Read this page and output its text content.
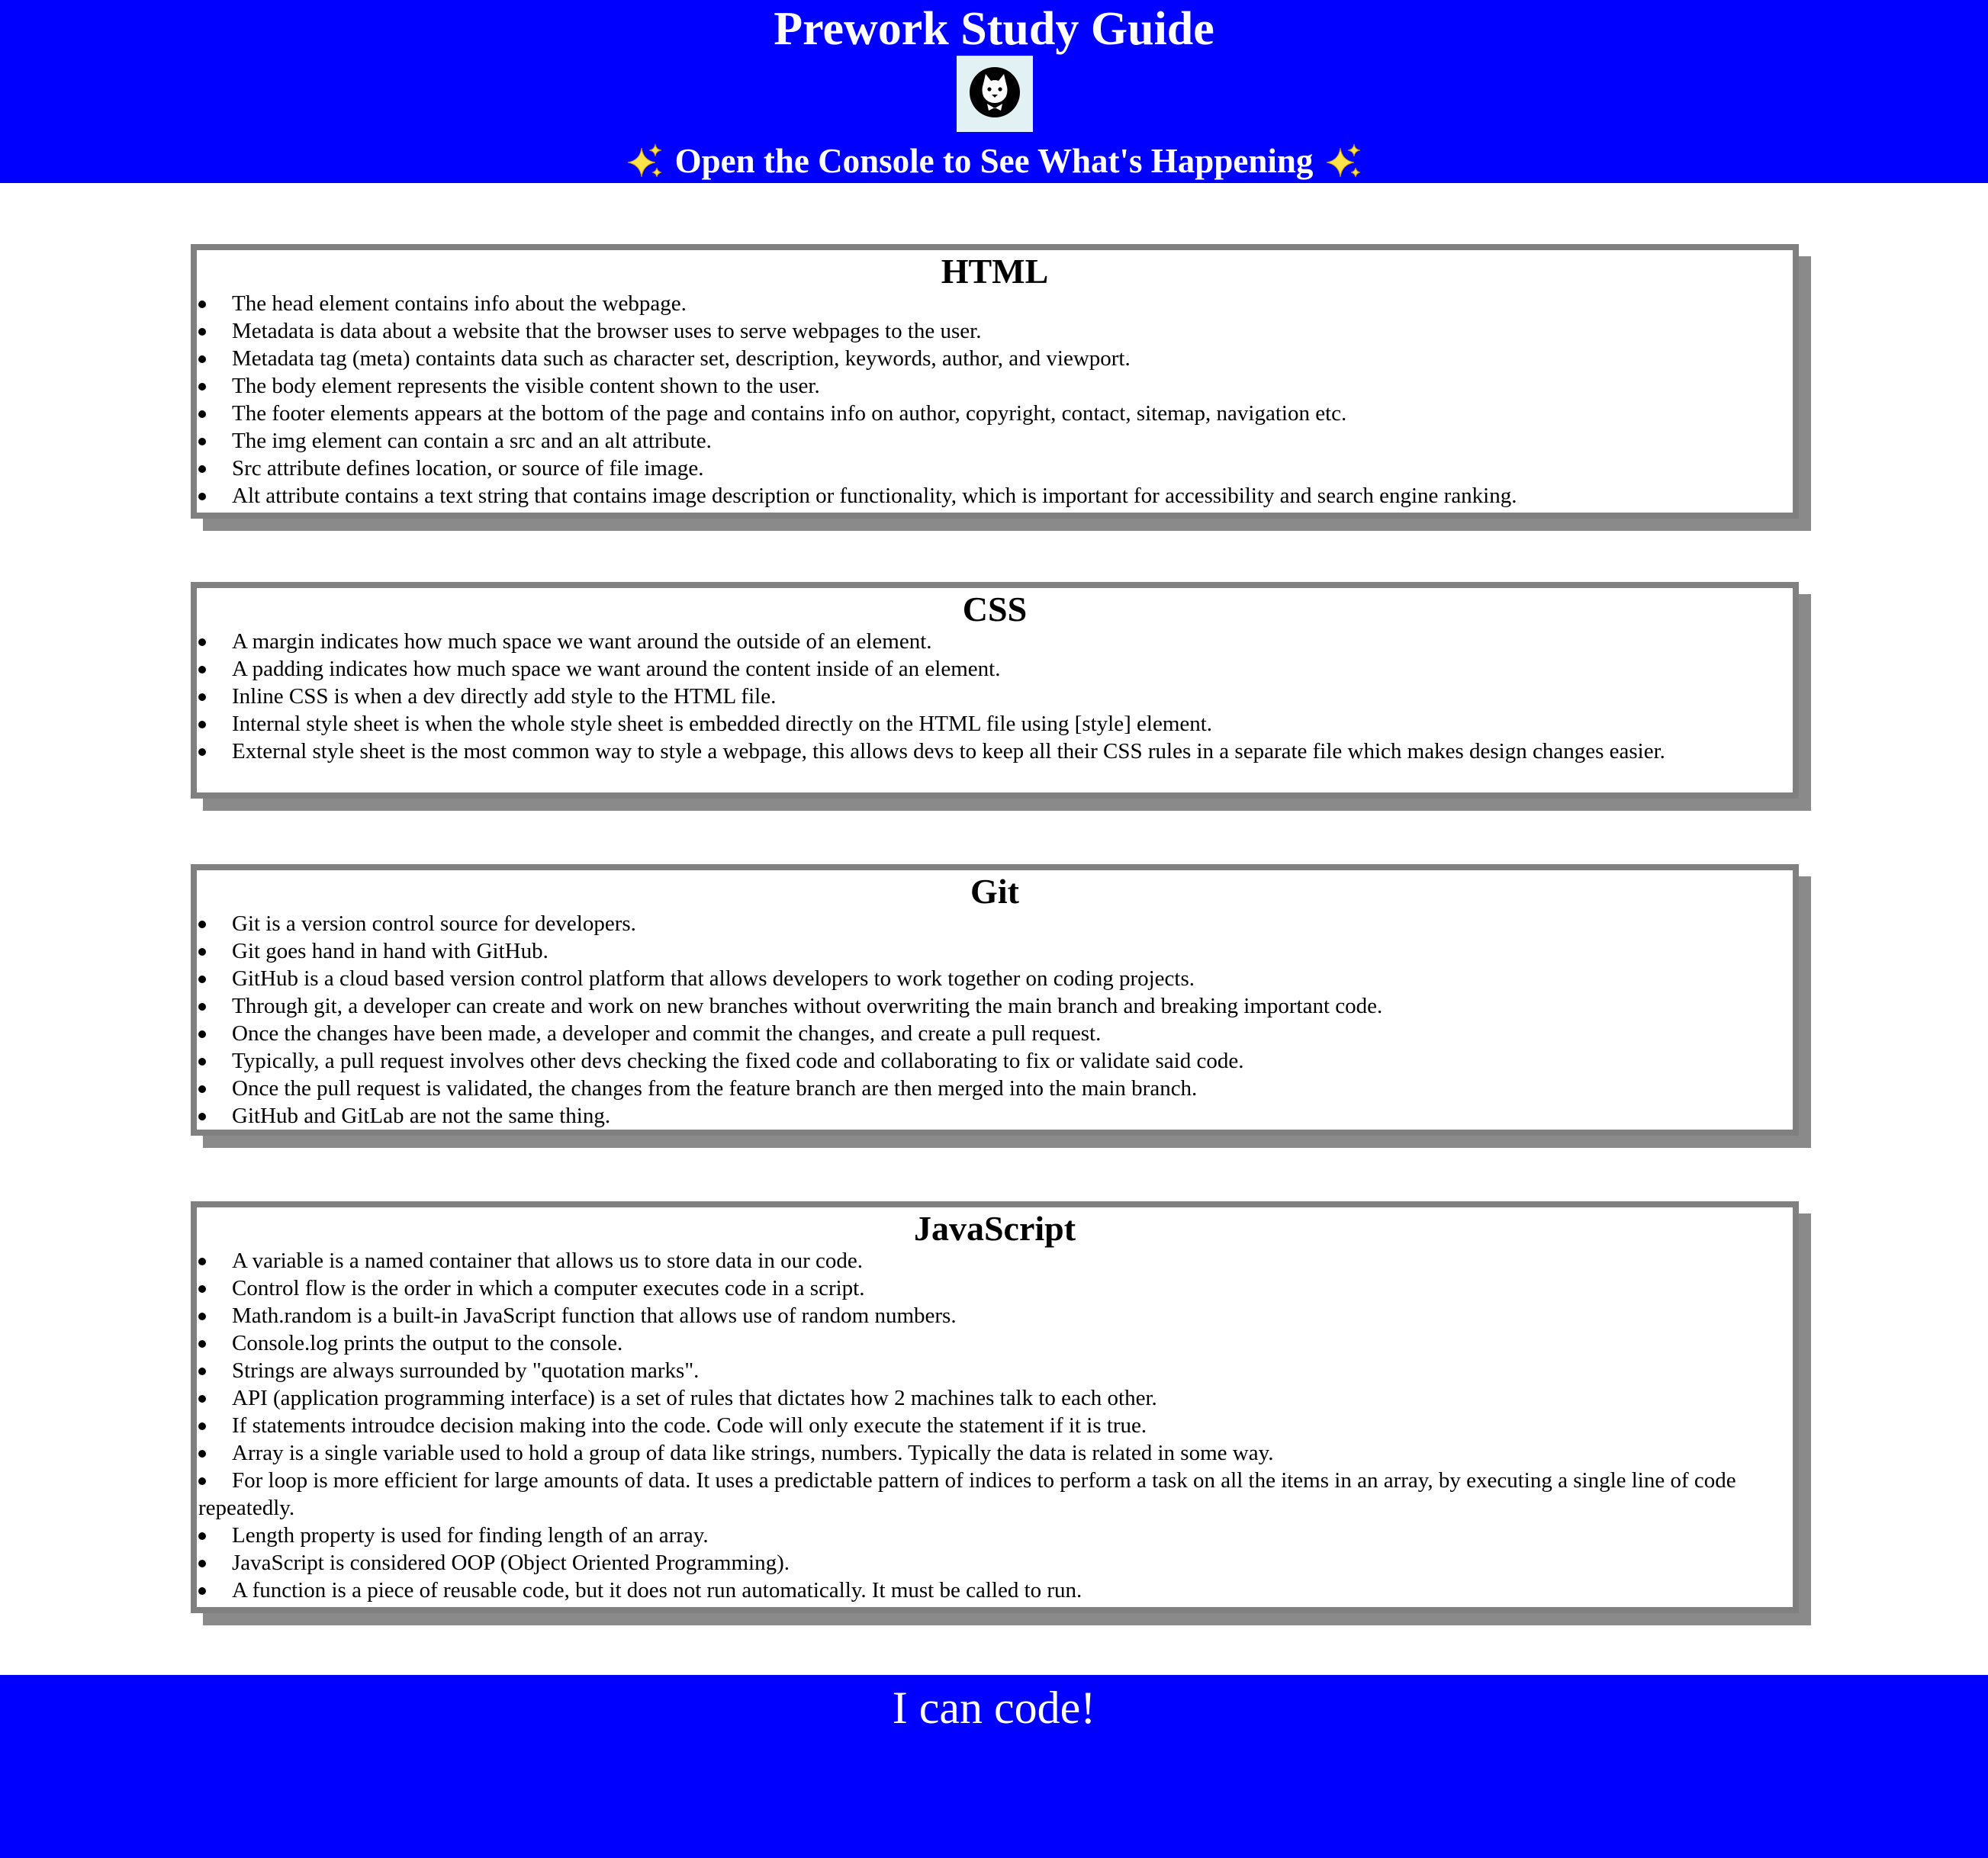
Prework Study Guide
Open the Console to See What's Happening
HTML
The head element contains info about the webpage.
Metadata is data about a website that the browser uses to serve webpages to the user.
Metadata tag (meta) containts data such as character set, description, keywords, author, and viewport.
The body element represents the visible content shown to the user.
The footer elements appears at the bottom of the page and contains info on author, copyright, contact, sitemap, navigation etc.
The img element can contain a src and an alt attribute.
Src attribute defines location, or source of file image.
Alt attribute contains a text string that contains image description or functionality, which is important for accessibility and search engine ranking.
CSS
A margin indicates how much space we want around the outside of an element.
A padding indicates how much space we want around the content inside of an element.
Inline CSS is when a dev directly add style to the HTML file.
Internal style sheet is when the whole style sheet is embedded directly on the HTML file using [style] element.
External style sheet is the most common way to style a webpage, this allows devs to keep all their CSS rules in a separate file which makes design changes easier.
Git
Git is a version control source for developers.
Git goes hand in hand with GitHub.
GitHub is a cloud based version control platform that allows developers to work together on coding projects.
Through git, a developer can create and work on new branches without overwriting the main branch and breaking important code.
Once the changes have been made, a developer and commit the changes, and create a pull request.
Typically, a pull request involves other devs checking the fixed code and collaborating to fix or validate said code.
Once the pull request is validated, the changes from the feature branch are then merged into the main branch.
GitHub and GitLab are not the same thing.
JavaScript
A variable is a named container that allows us to store data in our code.
Control flow is the order in which a computer executes code in a script.
Math.random is a built-in JavaScript function that allows use of random numbers.
Console.log prints the output to the console.
Strings are always surrounded by "quotation marks".
API (application programming interface) is a set of rules that dictates how 2 machines talk to each other.
If statements introudce decision making into the code. Code will only execute the statement if it is true.
Array is a single variable used to hold a group of data like strings, numbers. Typically the data is related in some way.
For loop is more efficient for large amounts of data. It uses a predictable pattern of indices to perform a task on all the items in an array, by executing a single line of code repeatedly.
Length property is used for finding length of an array.
JavaScript is considered OOP (Object Oriented Programming).
A function is a piece of reusable code, but it does not run automatically. It must be called to run.

I can code!
